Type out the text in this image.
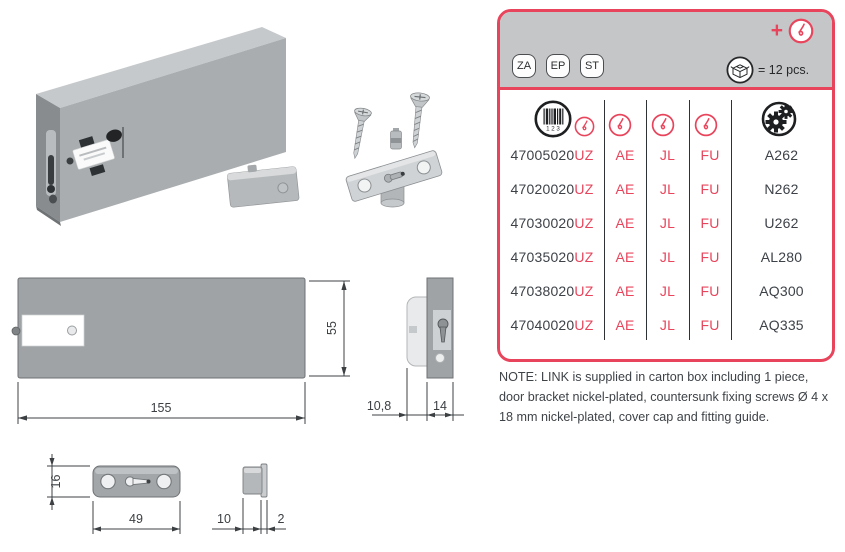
155
55
10,8	14
16
49	10	2
+
ZA	EP	ST	= 12 pcs.
1 2 3
47005020UZ	AE	JL	FU	A262
47020020UZ	AE	JL	FU	N262
47030020UZ	AE	JL	FU	U262
47035020UZ	AE	JL	FU	AL280
47038020UZ	AE	JL	FU	AQ300
47040020UZ	AE	JL	FU	AQ335

NOTE: LINK is supplied in carton box including 1 piece, door bracket nickel-plated, countersunk fixing screws Ø 4 x 18 mm nickel-plated, cover cap and fitting guide.
